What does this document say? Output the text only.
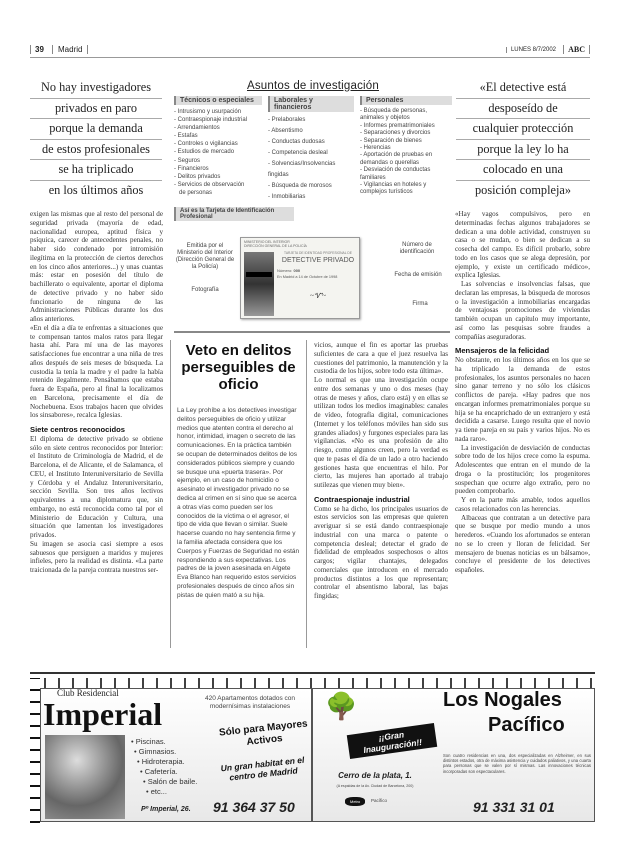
39	Madrid	LUNES 8/7/2002	ABC
No hay investigadores
privados en paro
porque la demanda
de estos profesionales
se ha triplicado
en los últimos años
«El detective está
desposeído de
cualquier protección
porque la ley lo ha
colocado en una
posición compleja»
Asuntos de investigación
Técnicos o especiales
- Intrusismo y usurpación
- Contraespionaje industrial
- Arrendamientos
- Estafas
- Controles o vigilancias
- Estudios de mercado
- Seguros
- Financieros
- Delitos privados
- Servicios de observación
de personas
Laborales y financieros
- Prelaborales
- Absentismo
- Conductas dudosas
- Competencia desleal
- Solvencias/Insolvencias
fingidas
- Búsqueda de morosos
- Inmobiliarias
Personales
- Búsqueda de personas, animales y objetos
- Informes prematrimoniales
- Separaciones y divorcios
- Separación de bienes
- Herencias
- Aportación de pruebas en demandas o querellas
- Desviación de conductas familiares
- Vigilancias en hoteles y complejos turísticos
Así es la Tarjeta de Identificación Profesional
MINISTERIO DEL INTERIOR
DIRECCIÓN GENERAL DE LA POLICÍA
TARJETA DE IDENTIDAD PROFESIONAL DE
DETECTIVE PRIVADO
Número: 000
En Madrid a 14 de Octubre de 1998
~Ꮙ~
Emitida por el Ministerio del Interior (Dirección General de la Policía)
Fotografía
Número de identificación
Fecha de emisión
Firma

exigen las mismas que al resto del personal de seguridad privada (mayoría de edad, nacionalidad europea, aptitud física y psíquica, carecer de antecedentes penales, no haber sido condenado por intromisión ilegítima en la protección de ciertos derechos en los cinco años anteriores...) y unas cuantas más: estar en posesión del título de bachillerato o equivalente, aportar el diploma de detective privado y no haber sido funcionario de ninguna de las Administraciones Públicas durante los dos años anteriores.

«En el día a día te enfrentas a situaciones que te compensan tantos malos ratos para llegar hasta ahí. Para mí una de las mayores satisfacciones fue encontrar a una niña de tres años después de seis meses de búsqueda. La custodia la tenía la madre y el padre la había retenido ilegalmente. Pensábamos que estaba fuera de España, pero al final la localizamos en Barcelona, precisamente el día de Nochebuena. Esos trabajos hacen que olvides los sinsabores», recalca Iglesias.

Siete centros reconocidos

El diploma de detective privado se obtiene sólo en siete centros reconocidos por Interior: el Instituto de Criminología de Madrid, el de Barcelona, el de Alicante, el de Salamanca, el CEU, el Instituto Interuniversitario de Sevilla y Córdoba y el Andaluz Interuniversitario, sección Sevilla. Son tres años lectivos equivalentes a una diplomatura que, sin embargo, no está reconocida como tal por el Ministerio de Educación y Cultura, una situación que lamentan los investigadores privados.

Su imagen se asocia casi siempre a esos sabuesos que persiguen a maridos y mujeres infieles, pero la realidad es distinta. «La parte traicionada de la pareja contrata nuestros ser-

Veto en delitos perseguibles de oficio

La Ley prohíbe a los detectives investigar delitos perseguibles de oficio y utilizar medios que atenten contra el derecho al honor, intimidad, imagen o secreto de las comunicaciones. En la práctica también se ocupan de determinados delitos de los considerados públicos siempre y cuando se busque una «puerta trasera». Por ejemplo, en un caso de homicidio o asesinato el investigador privado no se dedica al crimen en sí sino que se acerca a otras vías como pueden ser los conocidos de la víctima o el agresor, el tipo de vida que llevan o similar. Suele hacerse cuando no hay sentencia firme y la familia afectada considera que los Cuerpos y Fuerzas de Seguridad no están respondiendo a sus expectativas. Los padres de la joven asesinada en Algete Eva Blanco han requerido estos servicios profesionales después de cinco años sin pistas de quien mató a su hija.

vicios, aunque el fin es aportar las pruebas suficientes de cara a que el juez resuelva las cuestiones del patrimonio, la manutención y la custodia de los hijos, sobre todo esta última».

Lo normal es que una investigación ocupe entre dos semanas y uno o dos meses (hay otras de meses y años, claro está) y en ellas se utilizan todos los medios imaginables: canales de vídeo, fotografía digital, comunicaciones (Internet y los teléfonos móviles han sido sus grandes aliados) y furgones especiales para las vigilancias. «No es una profesión de alto riesgo, como algunos creen, pero la verdad es que te pasas el día de un lado a otro haciendo gestiones hasta que encuentras el hilo. Por cierto, las mujeres han aportado al trabajo sutilezas que vienen muy bien».

Contraespionaje industrial

Como se ha dicho, los principales usuarios de estos servicios son las empresas que quieren averiguar si se está dando contraespionaje industrial con una marca o patente o competencia desleal; detectar el grado de fidelidad de empleados sospechosos o altos cargos; vigilar chantajes, delegados comerciales que introducen en el mercado productos distintos a los que representan; controlar el absentismo laboral, las bajas fingidas;

«Hay vagos compulsivos, pero en determinadas fechas algunos trabajadores se dedican a una doble actividad, construyen su casa o se mudan, o bien se dedican a su cosecha del campo. Es difícil probarlo, sobre todo en los casos que se alega depresión, por ejemplo, y existe un certificado médico», explica Iglesias.

Las solvencias e insolvencias falsas, que declaran las empresas, la búsqueda de morosos o la investigación a inmobiliarias encargadas de ventajosas promociones de viviendas también ocupan un capítulo muy importante, así como las pesquisas sobre fraudes a compañías aseguradoras.

Mensajeros de la felicidad

No obstante, en los últimos años en los que se ha triplicado la demanda de estos profesionales, los asuntos personales no hacen sino ganar terreno y no sólo los clásicos conflictos de pareja. «Hay padres que nos encargan informes prematrimoniales porque su hija se ha encaprichado de un extranjero y está decidida a casarse. Luego resulta que el novio ya tiene pareja en su país y varios hijos. No es nada raro».

La investigación de desviación de conductas sobre todo de los hijos crece como la espuma. Adolescentes que entran en el mundo de la droga o la prostitución; los progenitores sospechan que ocurre algo extraño, pero no pueden comprobarlo.

Y en la parte más amable, todos aquellos casos relacionados con las herencias.

Albaceas que contratan a un detective para que se busque por medio mundo a unos herederos. «Cuando los afortunados se enteran no se lo creen y lloran de felicidad. Ser mensajero de buenas noticias es un bálsamo», concluye el presidente de los detectives españoles.

Club Residencial
Imperial	420 Apartamentos dotados con modernísimas instalaciones
• Piscinas.
• Gimnasios.
• Hidroterapia.
• Cafetería.
• Salón de baile.
• etc...
Sólo para Mayores Activos
Un gran habitat en el centro de Madrid
Pº Imperial, 26. 91 364 37 50
🌳	Los Nogales
Pacífico
¡¡Gran Inauguración!!
Cerro de la plata, 1.
(A espaldas de la Av. Ciudad de Barcelona, 200)
Metro	Pacífico
Son cuatro residencias en una, dos especializadas en Alzheimer, en sus distintos estados, otra de máxima asistencia y cuidados paliativos, y una cuarta para personas que se valen por sí mismas. Las innovaciones técnicas incorporadas son espectaculares.
91 331 31 01
